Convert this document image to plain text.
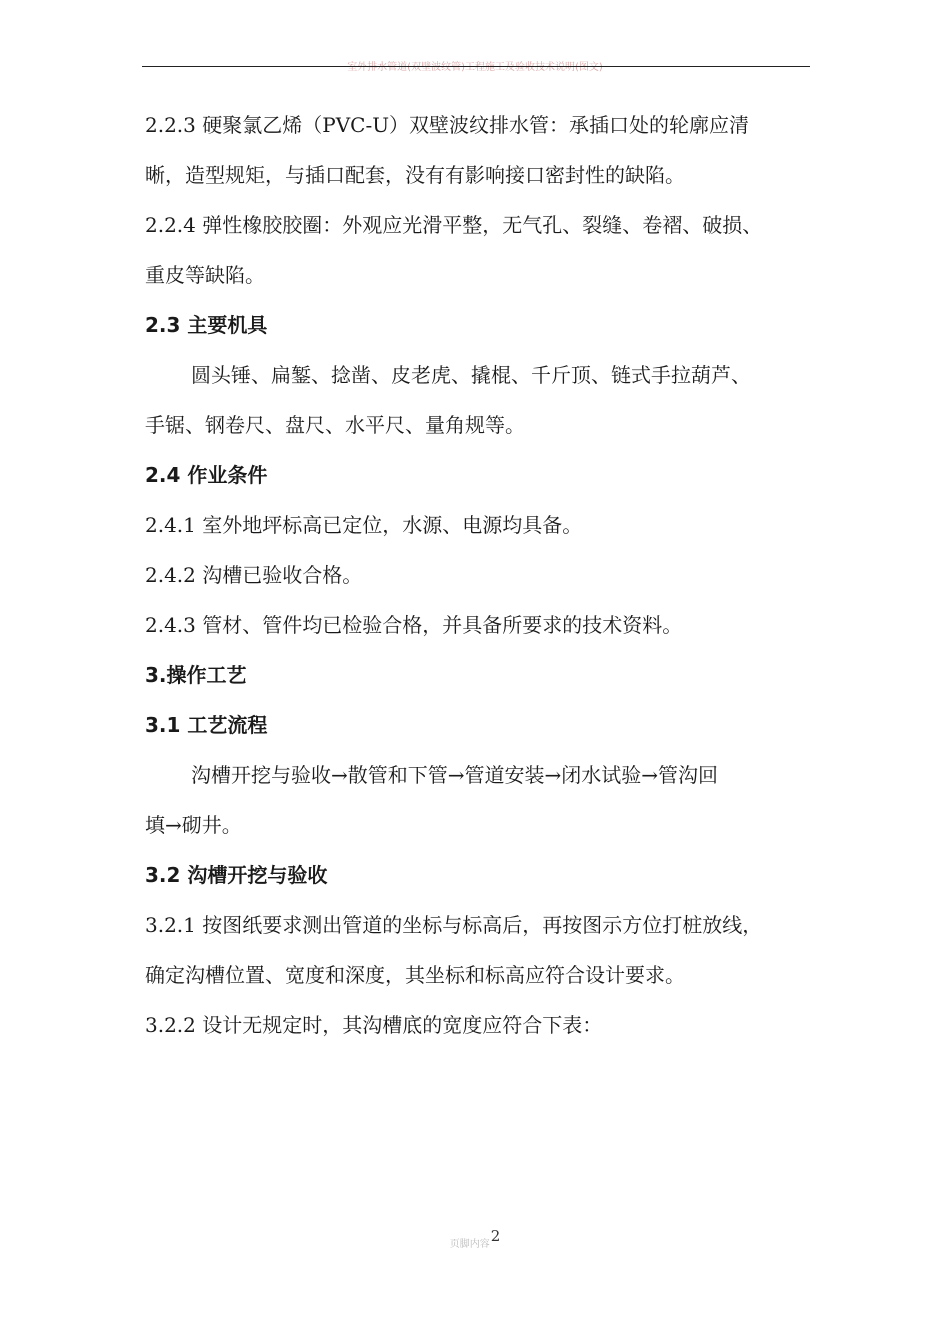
室外排水管道(双壁波纹管)工程施工及验收技术说明(图文)
2.2.3 硬聚氯乙烯（PVC-U）双壁波纹排水管：承插口处的轮廓应清
晰，造型规矩，与插口配套，没有有影响接口密封性的缺陷。
2.2.4 弹性橡胶胶圈：外观应光滑平整，无气孔、裂缝、卷褶、破损、
重皮等缺陷。
2.3 主要机具
圆头锤、扁錾、捻凿、皮老虎、撬棍、千斤顶、链式手拉葫芦、
手锯、钢卷尺、盘尺、水平尺、量角规等。
2.4 作业条件
2.4.1 室外地坪标高已定位，水源、电源均具备。
2.4.2 沟槽已验收合格。
2.4.3 管材、管件均已检验合格，并具备所要求的技术资料。
3.操作工艺
3.1 工艺流程
沟槽开挖与验收→散管和下管→管道安装→闭水试验→管沟回
填→砌井。
3.2 沟槽开挖与验收
3.2.1 按图纸要求测出管道的坐标与标高后，再按图示方位打桩放线，
确定沟槽位置、宽度和深度，其坐标和标高应符合设计要求。
3.2.2 设计无规定时，其沟槽底的宽度应符合下表：
页脚内容2
